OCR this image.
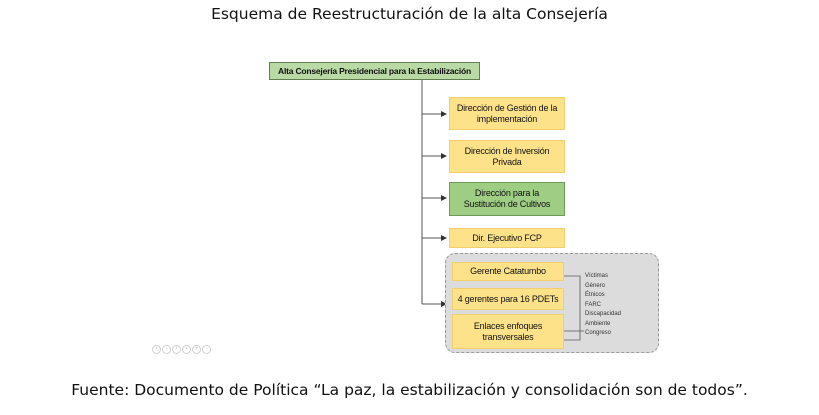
Esquema de Reestructuración de la alta Consejería
Alta Consejería Presidencial para la Estabilización
Dirección de Gestión de la implementación
Dirección de Inversión Privada
Dirección para la Sustitución de Cultivos
Dir. Ejecutivo FCP
Gerente Catatumbo
4 gerentes para 16 PDETs
Enlaces enfoques transversales
Víctimas
Género
Étnicos
FARC
Discapacidad
Ambiente
Congreso
‹	›	/	▪	+	·
Fuente: Documento de Política “La paz, la estabilización y consolidación son de todos”.
